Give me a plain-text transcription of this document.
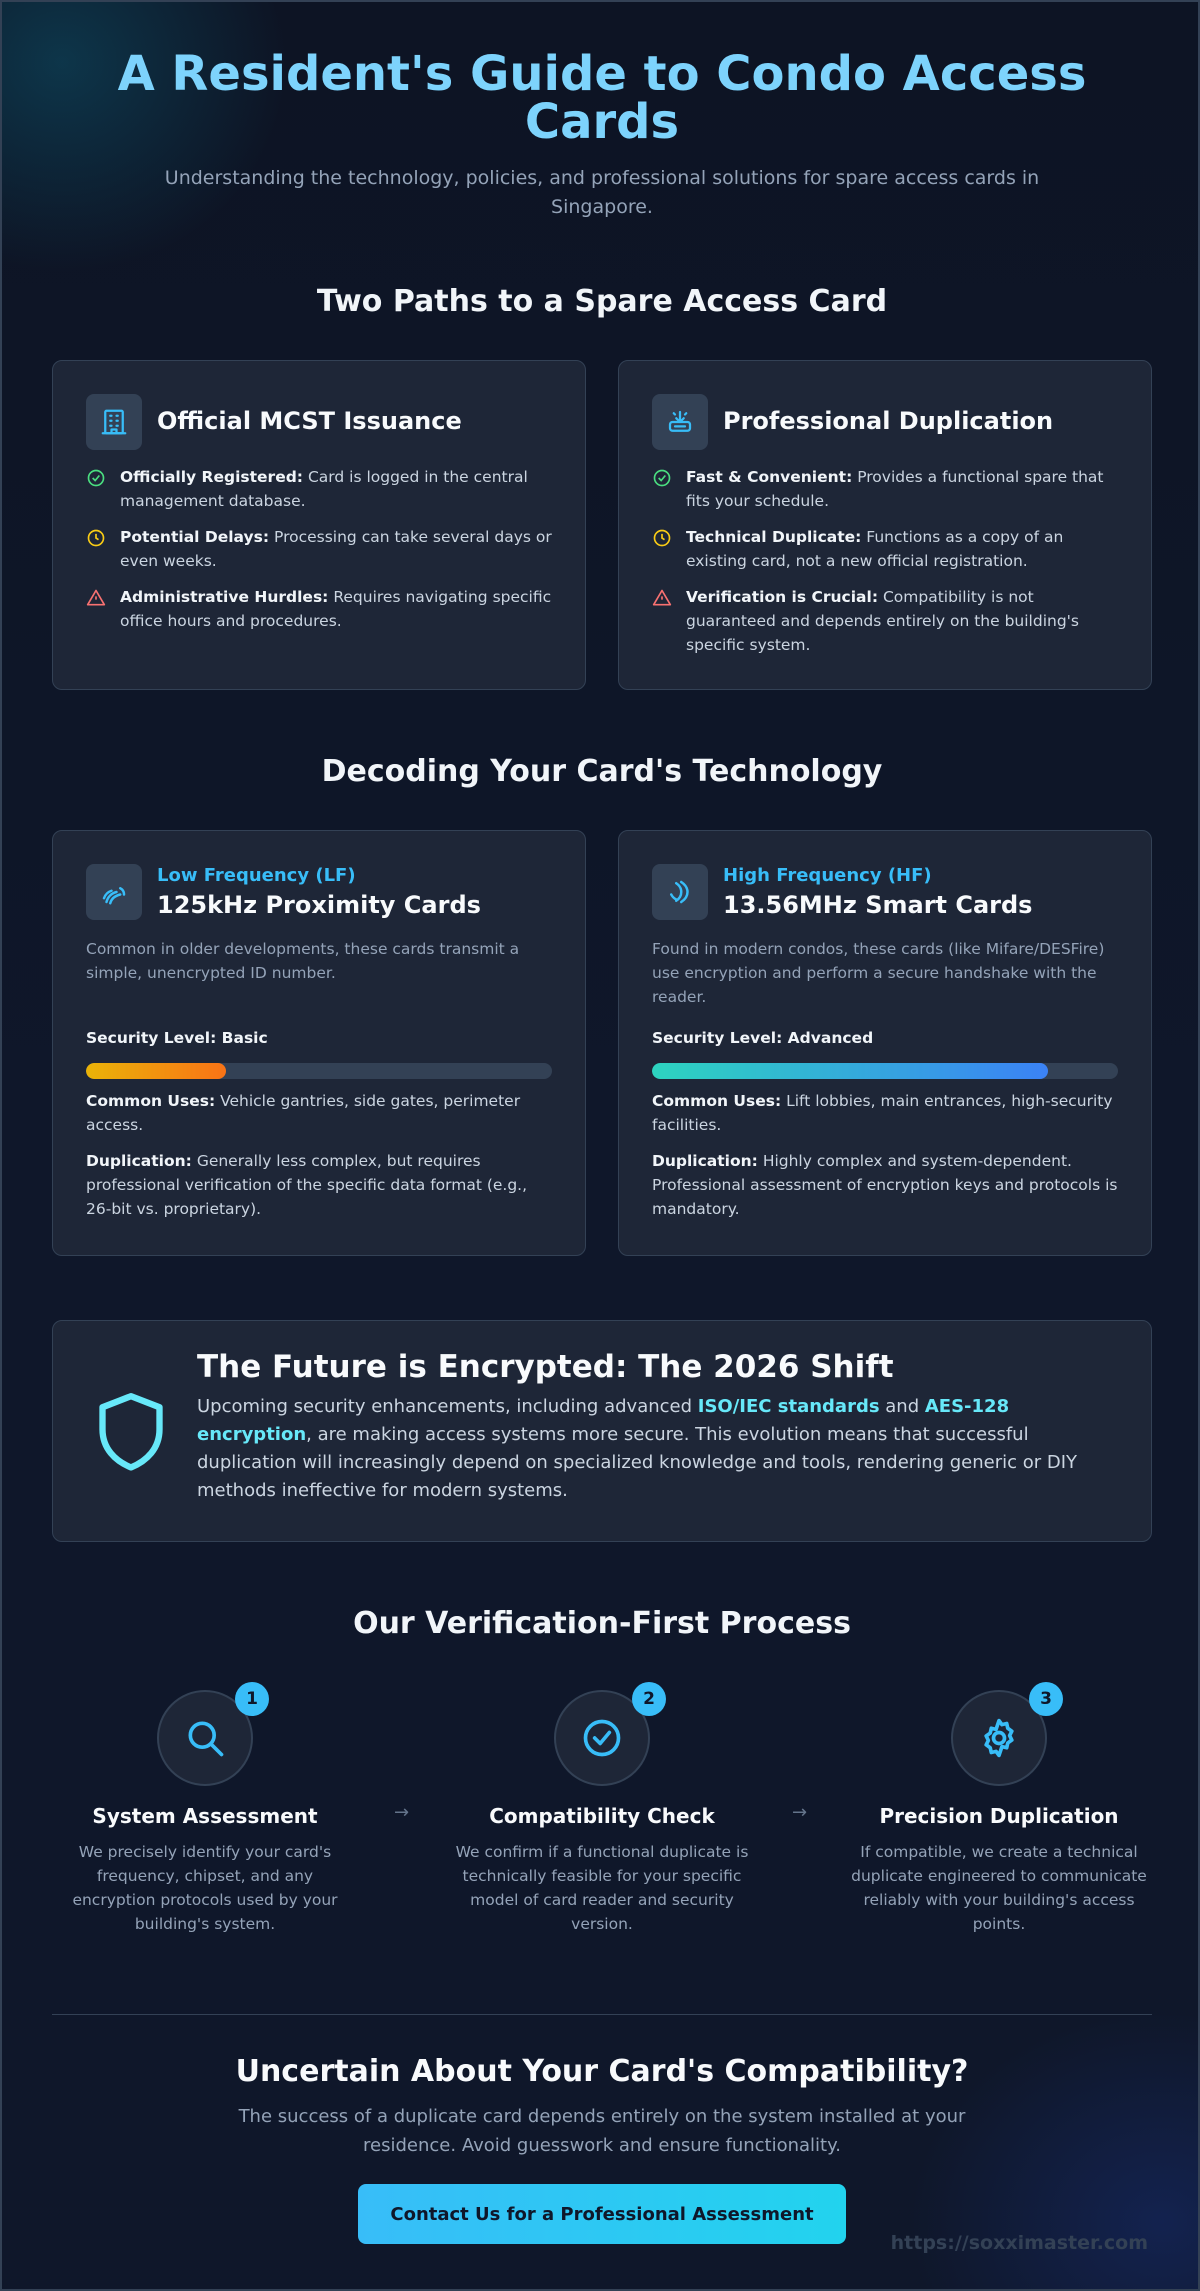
A Resident's Guide to Condo Access Cards

Understanding the technology, policies, and professional solutions for spare access cards in Singapore.

Two Paths to a Spare Access Card
Official MCST Issuance
Officially Registered: Card is logged in the central management database.
Potential Delays: Processing can take several days or even weeks.
Administrative Hurdles: Requires navigating specific office hours and procedures.
Professional Duplication
Fast & Convenient: Provides a functional spare that fits your schedule.
Technical Duplicate: Functions as a copy of an existing card, not a new official registration.
Verification is Crucial: Compatibility is not guaranteed and depends entirely on the building's specific system.
Decoding Your Card's Technology
Low Frequency (LF)
125kHz Proximity Cards
Common in older developments, these cards transmit a simple, unencrypted ID number.
Security Level: Basic
Common Uses: Vehicle gantries, side gates, perimeter access.
Duplication: Generally less complex, but requires professional verification of the specific data format (e.g., 26-bit vs. proprietary).
High Frequency (HF)
13.56MHz Smart Cards
Found in modern condos, these cards (like Mifare/DESFire) use encryption and perform a secure handshake with the reader.
Security Level: Advanced
Common Uses: Lift lobbies, main entrances, high-security facilities.
Duplication: Highly complex and system-dependent. Professional assessment of encryption keys and protocols is mandatory.
The Future is Encrypted: The 2026 Shift
Upcoming security enhancements, including advanced ISO/IEC standards and AES-128 encryption, are making access systems more secure. This evolution means that successful duplication will increasingly depend on specialized knowledge and tools, rendering generic or DIY methods ineffective for modern systems.
Our Verification-First Process
1
System Assessment
We precisely identify your card's frequency, chipset, and any encryption protocols used by your building's system.
→
2
Compatibility Check
We confirm if a functional duplicate is technically feasible for your specific model of card reader and security version.
→
3
Precision Duplication
If compatible, we create a technical duplicate engineered to communicate reliably with your building's access points.
Uncertain About Your Card's Compatibility?

The success of a duplicate card depends entirely on the system installed at your residence. Avoid guesswork and ensure functionality.

Contact Us for a Professional Assessment
https://soxximaster.com
